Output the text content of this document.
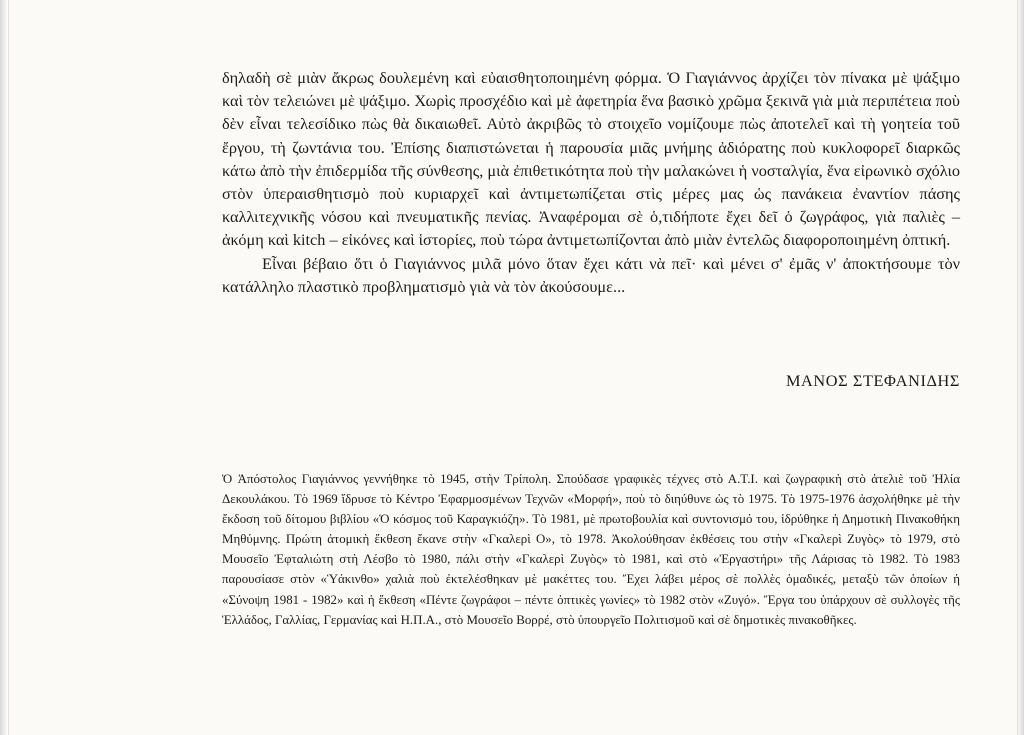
δηλαδὴ σὲ μιὰν ἄκρως δουλεμένη καὶ εὐαισθητοποιημένη φόρμα. Ὁ Γιαγιάννος ἀρχίζει τὸν πίνακα μὲ ψάξιμο καὶ τὸν τελειώνει μὲ ψάξιμο. Χωρὶς προσχέδιο καὶ μὲ ἀφετηρία ἕνα βασικὸ χρῶμα ξεκινᾶ γιὰ μιὰ περιπέτεια ποὺ δὲν εἶναι τελεσίδικο πὼς θὰ δικαιωθεῖ. Αὐτὸ ἀκριβῶς τὸ στοιχεῖο νομίζουμε πὼς ἀποτελεῖ καὶ τὴ γοητεία τοῦ ἔργου, τὴ ζωντάνια του. Ἐπίσης διαπιστώνεται ἡ παρουσία μιᾶς μνήμης ἀδιόρατης ποὺ κυκλοφορεῖ διαρκῶς κάτω ἀπὸ τὴν ἐπιδερμίδα τῆς σύνθεσης, μιὰ ἐπιθετικότητα ποὺ τὴν μαλακώνει ἡ νοσταλγία, ἕνα εἰρωνικὸ σχόλιο στὸν ὑπεραισθητισμὸ ποὺ κυριαρχεῖ καὶ ἀντιμετωπίζεται στὶς μέρες μας ὡς πανάκεια ἐναντίον πάσης καλλιτεχνικῆς νόσου καὶ πνευματικῆς πενίας. Ἀναφέρομαι σὲ ὁ,τιδήποτε ἔχει δεῖ ὁ ζωγράφος, γιὰ παλιὲς – ἀκόμη καὶ kitch – εἰκόνες καὶ ἱστορίες, ποὺ τώρα ἀντιμετωπίζονται ἀπὸ μιὰν ἐντελῶς διαφοροποιημένη ὀπτική.

Εἶναι βέβαιο ὅτι ὁ Γιαγιάννος μιλᾶ μόνο ὅταν ἔχει κάτι νὰ πεῖ· καὶ μένει σ' ἐμᾶς ν' ἀποκτήσουμε τὸν κατάλληλο πλαστικὸ προβληματισμὸ γιὰ νὰ τὸν ἀκούσουμε...

ΜΑΝΟΣ ΣΤΕΦΑΝΙΔΗΣ

Ὁ Ἀπόστολος Γιαγιάννος γεννήθηκε τὸ 1945, στὴν Τρίπολη. Σπούδασε γραφικὲς τέχνες στὸ Α.Τ.Ι. καὶ ζωγραφικὴ στὸ ἀτελιὲ τοῦ Ἠλία Δεκουλάκου. Τὸ 1969 ἵδρυσε τὸ Κέντρο Ἐφαρμοσμένων Τεχνῶν «Μορφή», ποὺ τὸ διηύθυνε ὡς τὸ 1975. Τὸ 1975-1976 ἀσχολήθηκε μὲ τὴν ἔκδοση τοῦ δίτομου βιβλίου «Ὁ κόσμος τοῦ Καραγκιόζη». Τὸ 1981, μὲ πρωτοβουλία καὶ συντονισμό του, ἱδρύθηκε ἡ Δημοτικὴ Πινακοθήκη Μηθύμνης. Πρώτη ἀτομικὴ ἔκθεση ἔκανε στὴν «Γκαλερὶ Ο», τὸ 1978. Ἀκολούθησαν ἐκθέσεις του στὴν «Γκαλερὶ Ζυγὸς» τὸ 1979, στὸ Μουσεῖο Ἐφταλιώτη στὴ Λέσβο τὸ 1980, πάλι στὴν «Γκαλερὶ Ζυγὸς» τὸ 1981, καὶ στὸ «Ἐργαστήρι» τῆς Λάρισας τὸ 1982. Τὸ 1983 παρουσίασε στὸν «Ὑάκινθο» χαλιὰ ποὺ ἐκτελέσθηκαν μὲ μακέττες του. Ἔχει λάβει μέρος σὲ πολλὲς ὁμαδικές, μεταξὺ τῶν ὁποίων ἡ «Σύνοψη 1981 - 1982» καὶ ἡ ἔκθεση «Πέντε ζωγράφοι – πέντε ὀπτικὲς γωνίες» τὸ 1982 στὸν «Ζυγό». Ἔργα του ὑπάρχουν σὲ συλλογὲς τῆς Ἑλλάδος, Γαλλίας, Γερμανίας καὶ Η.Π.Α., στὸ Μουσεῖο Βορρέ, στὸ ὑπουργεῖο Πολιτισμοῦ καὶ σὲ δημοτικὲς πινακοθῆκες.
